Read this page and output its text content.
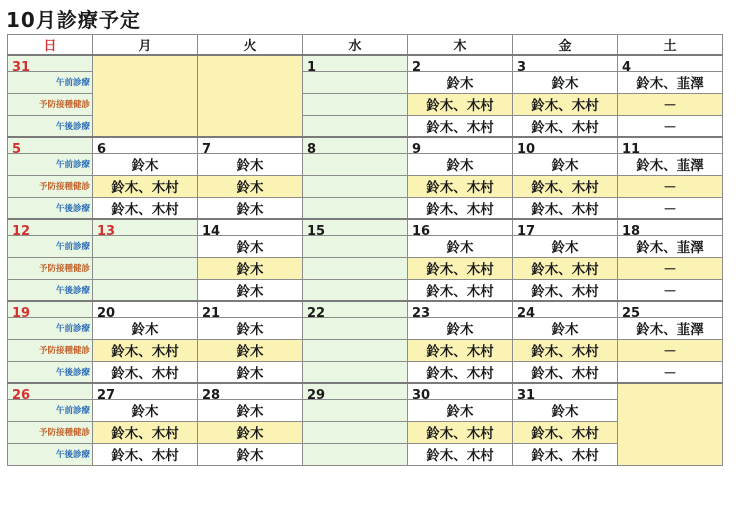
10月診療予定
日	月	火	水	木	金	土

31			1	2	3	4

午前診療				鈴木	鈴木	鈴木、韮澤
予防接種健診				鈴木、木村	鈴木、木村	－
午後診療				鈴木、木村	鈴木、木村	－

5	6	7	8	9	10	11

午前診療	鈴木	鈴木		鈴木	鈴木	鈴木、韮澤
予防接種健診	鈴木、木村	鈴木		鈴木、木村	鈴木、木村	－
午後診療	鈴木、木村	鈴木		鈴木、木村	鈴木、木村	－

12	13	14	15	16	17	18

午前診療		鈴木		鈴木	鈴木	鈴木、韮澤
予防接種健診		鈴木		鈴木、木村	鈴木、木村	－
午後診療		鈴木		鈴木、木村	鈴木、木村	－

19	20	21	22	23	24	25

午前診療	鈴木	鈴木		鈴木	鈴木	鈴木、韮澤
予防接種健診	鈴木、木村	鈴木		鈴木、木村	鈴木、木村	－
午後診療	鈴木、木村	鈴木		鈴木、木村	鈴木、木村	－

26	27	28	29	30	31	

午前診療	鈴木	鈴木		鈴木	鈴木	
予防接種健診	鈴木、木村	鈴木		鈴木、木村	鈴木、木村	
午後診療	鈴木、木村	鈴木		鈴木、木村	鈴木、木村	
